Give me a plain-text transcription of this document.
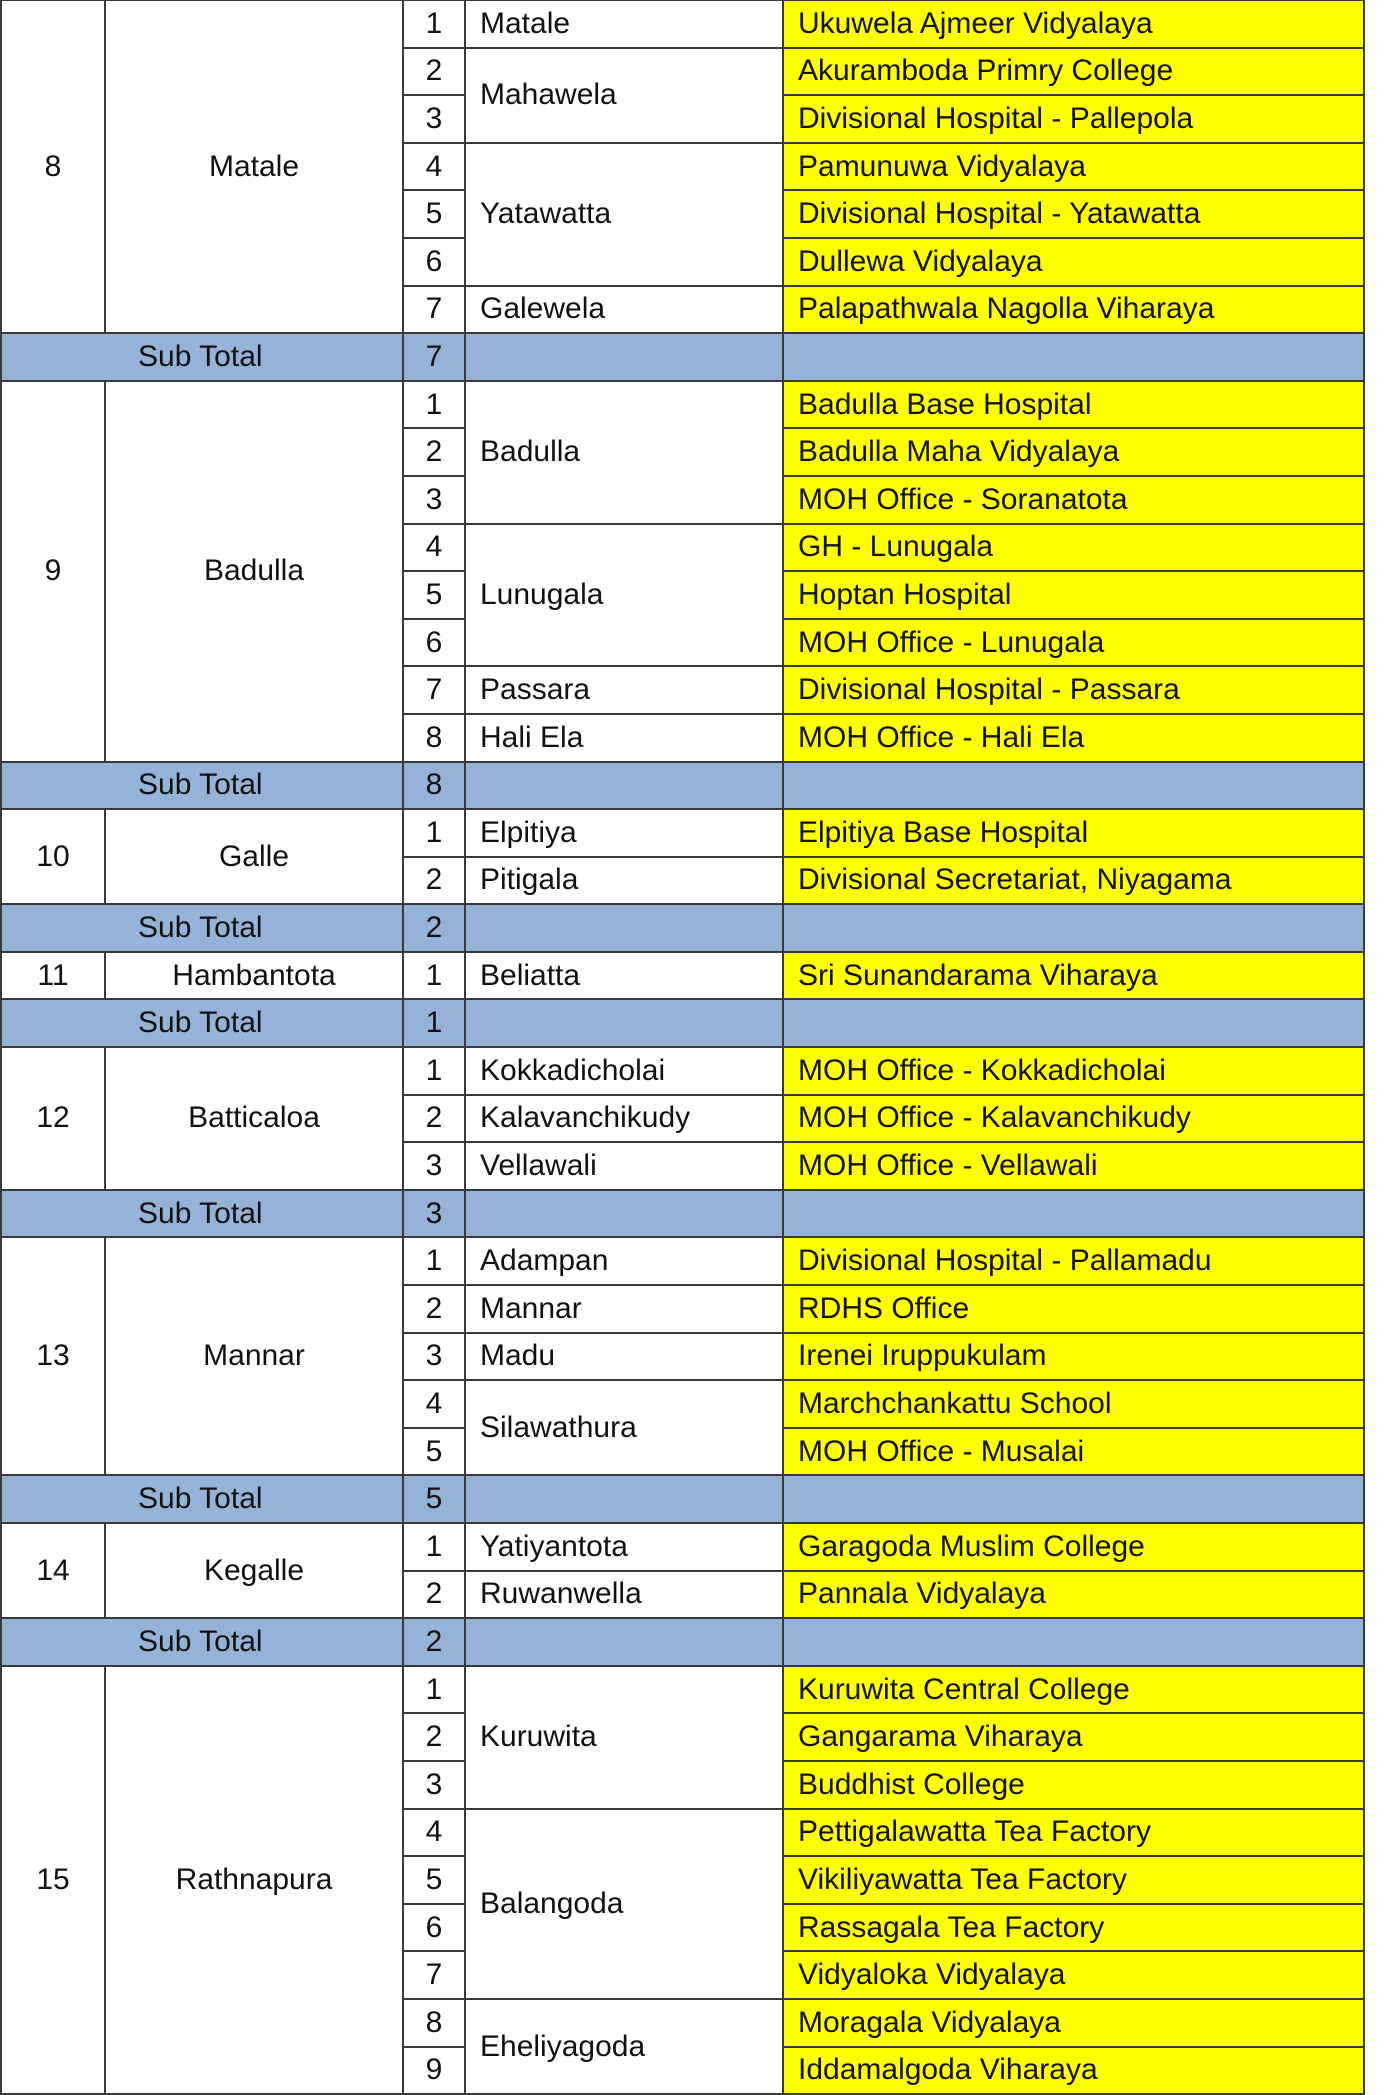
8	Matale	1	Matale	Ukuwela Ajmeer Vidyalaya
		2	Mahawela	Akuramboda Primry College
		3		Divisional Hospital - Pallepola
		4	Yatawatta	Pamunuwa Vidyalaya
		5		Divisional Hospital - Yatawatta
		6		Dullewa Vidyalaya
		7	Galewela	Palapathwala Nagolla Viharaya
Sub Total		7		
9	Badulla	1	Badulla	Badulla Base Hospital
		2		Badulla Maha Vidyalaya
		3		MOH Office - Soranatota
		4	Lunugala	GH - Lunugala
		5		Hoptan Hospital
		6		MOH Office - Lunugala
		7	Passara	Divisional Hospital - Passara
		8	Hali Ela	MOH Office - Hali Ela
Sub Total		8		
10	Galle	1	Elpitiya	Elpitiya Base Hospital
		2	Pitigala	Divisional Secretariat, Niyagama
Sub Total		2		
11	Hambantota	1	Beliatta	Sri Sunandarama Viharaya
Sub Total		1		
12	Batticaloa	1	Kokkadicholai	MOH Office - Kokkadicholai
		2	Kalavanchikudy	MOH Office - Kalavanchikudy
		3	Vellawali	MOH Office - Vellawali
Sub Total		3		
13	Mannar	1	Adampan	Divisional Hospital - Pallamadu
		2	Mannar	RDHS Office
		3	Madu	Irenei Iruppukulam
		4	Silawathura	Marchchankattu School
		5		MOH Office - Musalai
Sub Total		5		
14	Kegalle	1	Yatiyantota	Garagoda Muslim College
		2	Ruwanwella	Pannala Vidyalaya
Sub Total		2		
15	Rathnapura	1	Kuruwita	Kuruwita Central College
		2		Gangarama Viharaya
		3		Buddhist College
		4	Balangoda	Pettigalawatta Tea Factory
		5		Vikiliyawatta Tea Factory
		6		Rassagala Tea Factory
		7		Vidyaloka Vidyalaya
		8	Eheliyagoda	Moragala Vidyalaya
		9		Iddamalgoda Viharaya
